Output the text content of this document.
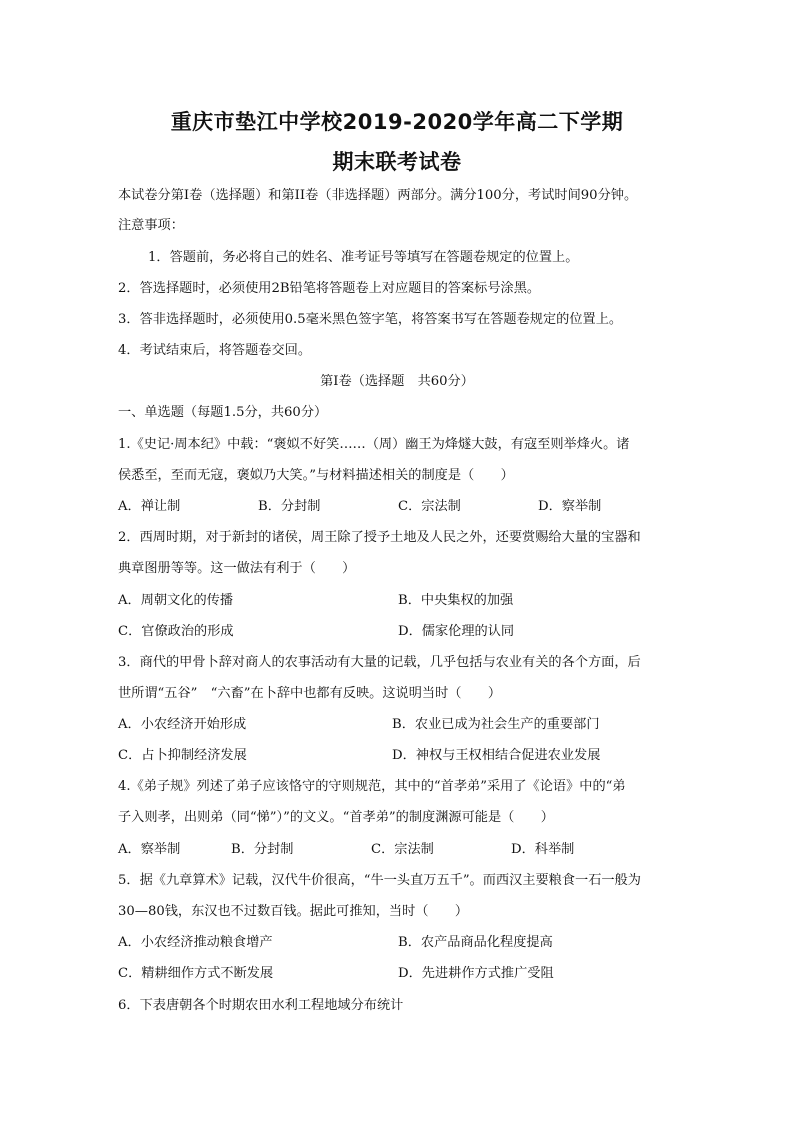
重庆市垫江中学校2019-2020学年高二下学期
期末联考试卷
本试卷分第Ⅰ卷（选择题）和第II卷（非选择题）两部分。满分100分，考试时间90分钟。
注意事项：
1．答题前，务必将自己的姓名、准考证号等填写在答题卷规定的位置上。
2．答选择题时，必须使用2B铅笔将答题卷上对应题目的答案标号涂黑。
3．答非选择题时，必须使用0.5毫米黑色签字笔，将答案书写在答题卷规定的位置上。
4．考试结束后，将答题卷交回。
第Ⅰ卷（选择题　共60分）
一、单选题（每题1.5分，共60分）
1.《史记·周本纪》中载：“褒姒不好笑……（周）幽王为烽燧大鼓，有寇至则举烽火。诸
侯悉至，至而无寇，褒姒乃大笑。”与材料描述相关的制度是（　　）
A．禅让制	B．分封制	C．宗法制	D．察举制
2．西周时期，对于新封的诸侯，周王除了授予土地及人民之外，还要赏赐给大量的宝器和
典章图册等等。这一做法有利于（　　）
A．周朝文化的传播	B．中央集权的加强
C．官僚政治的形成	D．儒家伦理的认同
3．商代的甲骨卜辞对商人的农事活动有大量的记载，几乎包括与农业有关的各个方面，后
世所谓“五谷”　“六畜”在卜辞中也都有反映。这说明当时（　　）
A．小农经济开始形成	B．农业已成为社会生产的重要部门
C．占卜抑制经济发展	D．神权与王权相结合促进农业发展
4.《弟子规》列述了弟子应该恪守的守则规范，其中的“首孝弟”采用了《论语》中的“弟
子入则孝，出则弟（同“悌”）”的文义。“首孝弟”的制度渊源可能是（　　）
A．察举制	B．分封制	C．宗法制	D．科举制
5．据《九章算术》记载，汉代牛价很高，“牛一头直万五千”。而西汉主要粮食一石一般为
30—80钱，东汉也不过数百钱。据此可推知，当时（　　）
A．小农经济推动粮食增产	B．农产品商品化程度提高
C．精耕细作方式不断发展	D．先进耕作方式推广受阻
6．下表唐朝各个时期农田水利工程地域分布统计
